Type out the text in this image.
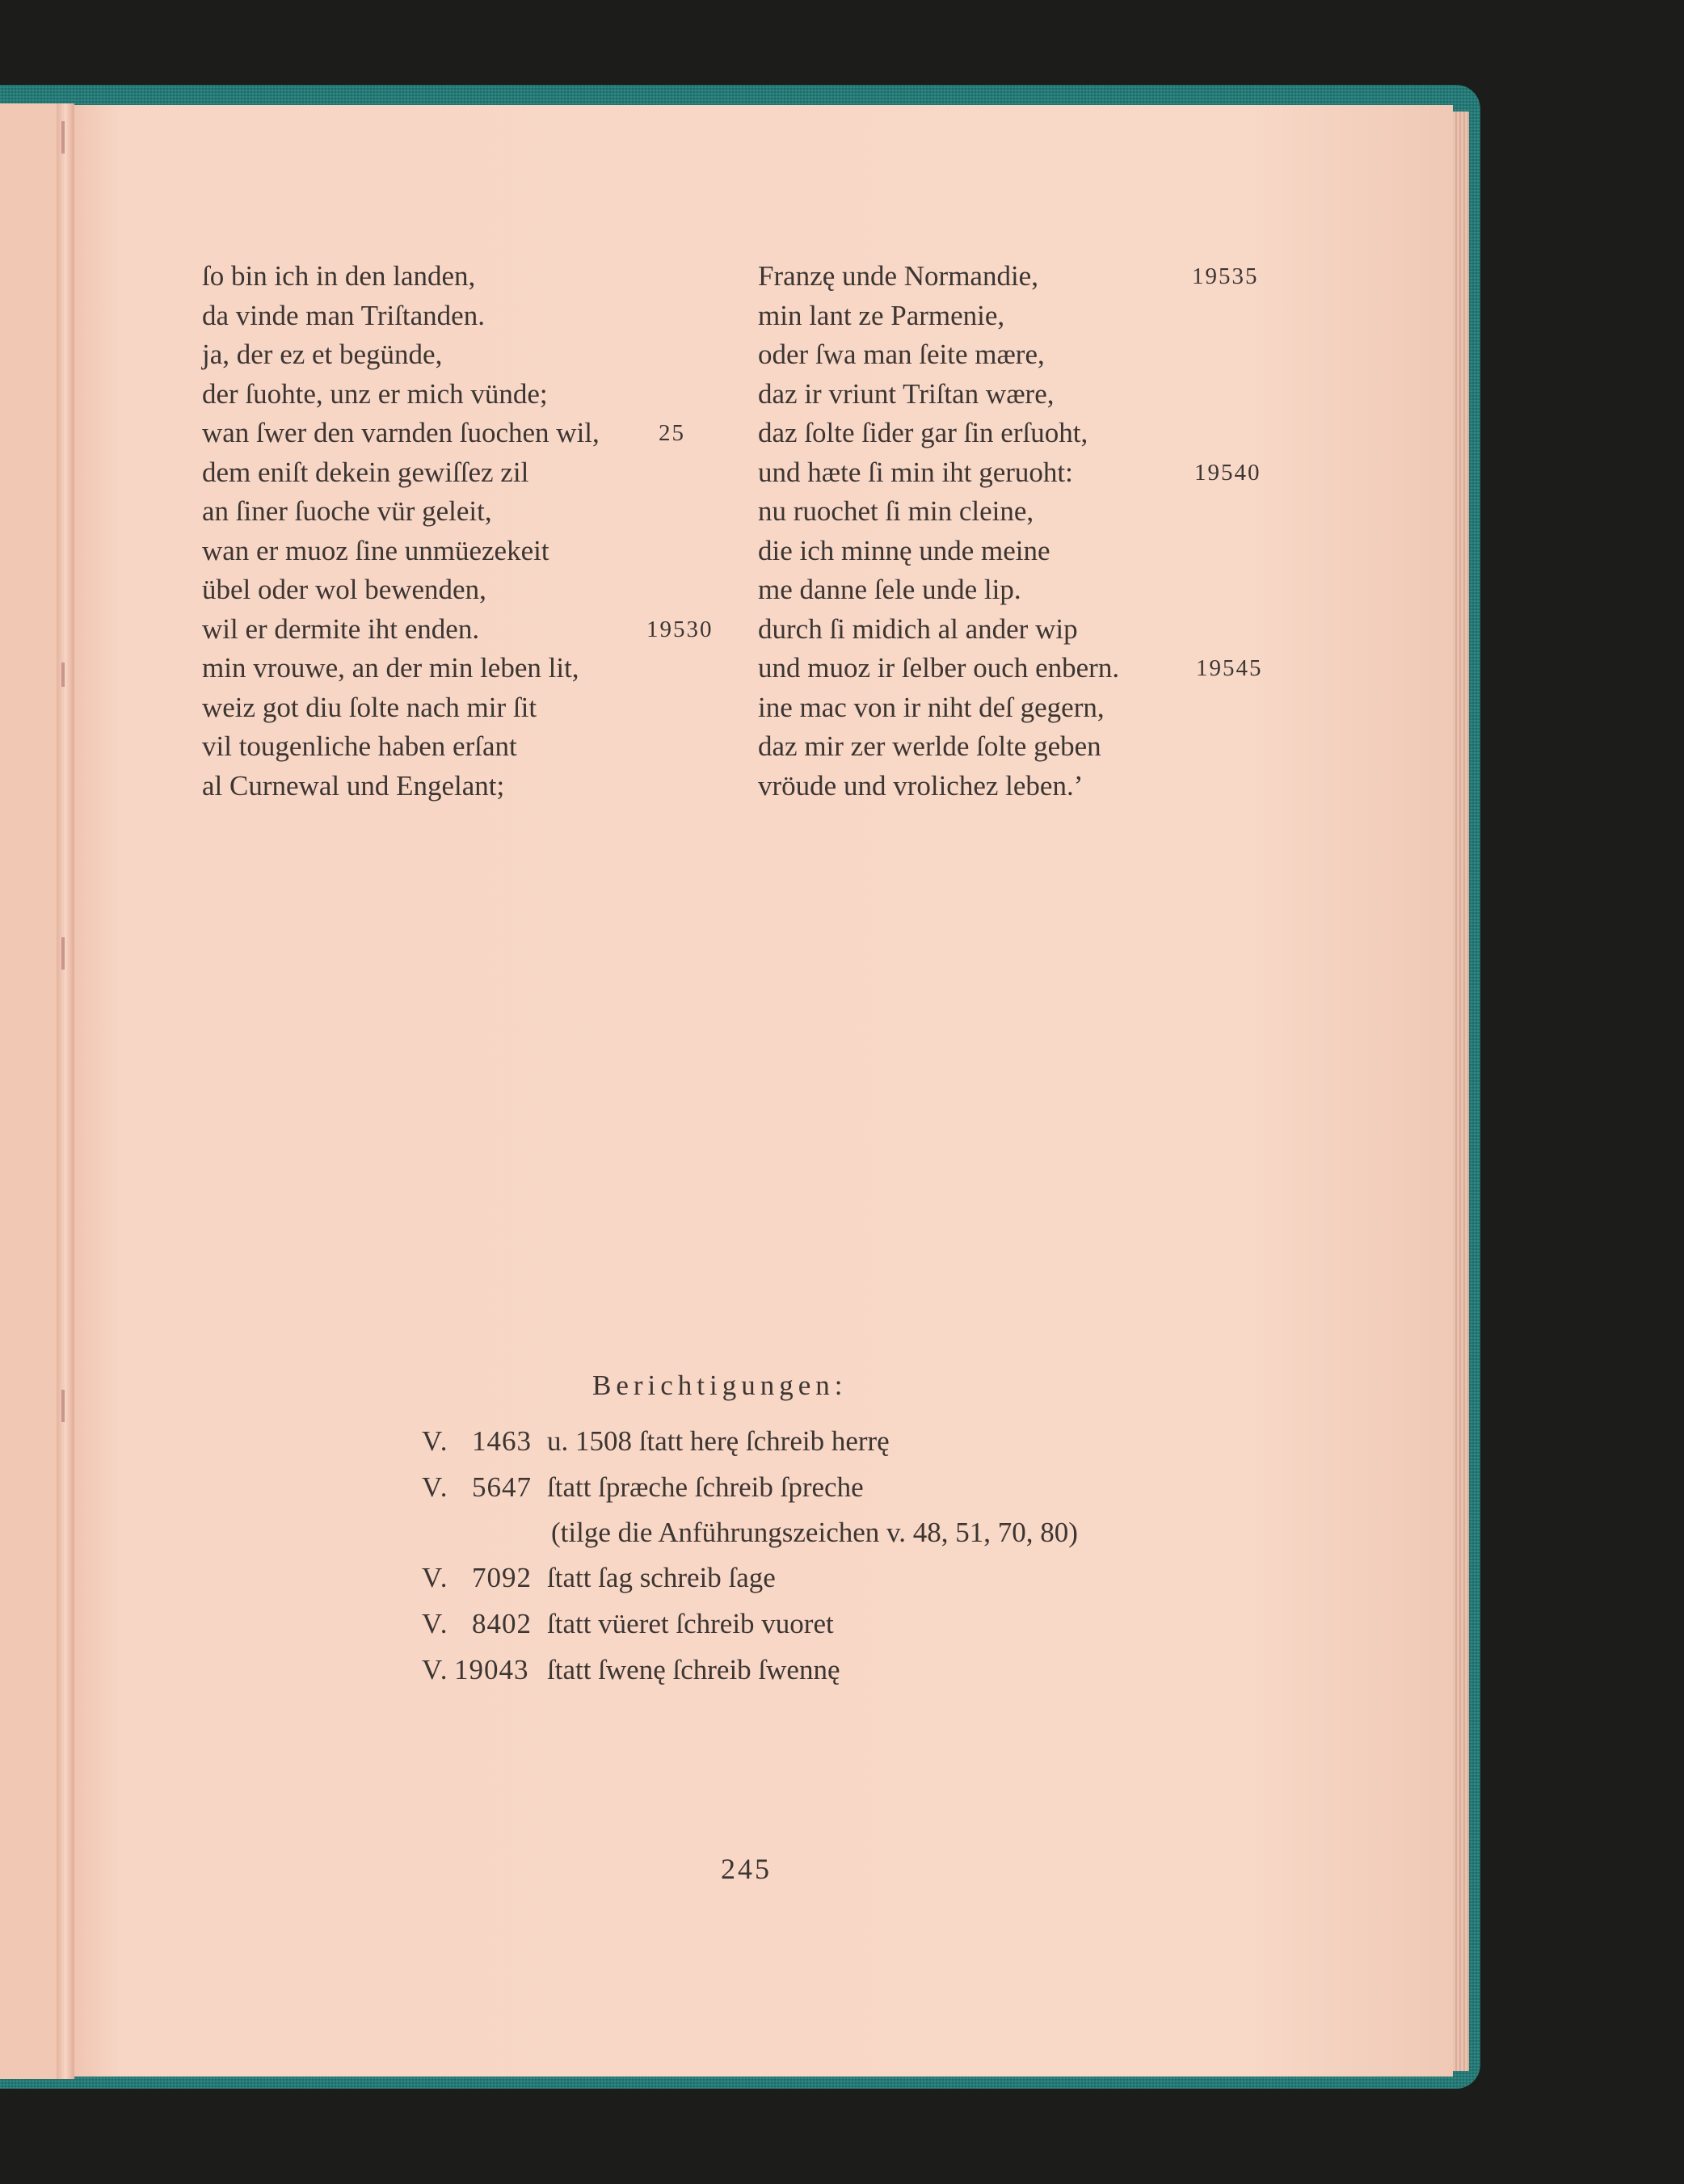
ſo bin ich in den landen,
da vinde man Triſtanden.
ja, der ez et begünde,
der ſuohte, unz er mich vünde;
wan ſwer den varnden ſuochen wil,	25
dem eniſt dekein gewiſſez zil
an ſiner ſuoche vür geleit,
wan er muoz ſine unmüezekeit
übel oder wol bewenden,
wil er dermite iht enden.	19530
min vrouwe, an der min leben lit,
weiz got diu ſolte nach mir ſit
vil tougenliche haben erſant
al Curnewal und Engelant;
Franzę unde Normandie,	19535
min lant ze Parmenie,
oder ſwa man ſeite mære,
daz ir vriunt Triſtan wære,
daz ſolte ſider gar ſin erſuoht,
und hæte ſi min iht geruoht:	19540
nu ruochet ſi min cleine,
die ich minnę unde meine
me danne ſele unde lip.
durch ſi midich al ander wip
und muoz ir ſelber ouch enbern.	19545
ine mac von ir niht deſ gegern,
daz mir zer werlde ſolte geben
vröude und vrolichez leben.’
Berichtigungen:
V. 1463 u. 1508 ſtatt herę ſchreib herrę
V. 5647 ſtatt ſpræche ſchreib ſpreche
(tilge die Anführungszeichen v. 48, 51, 70, 80)
V. 7092 ſtatt ſag schreib ſage
V. 8402 ſtatt vüeret ſchreib vuoret
V. 19043 ſtatt ſwenę ſchreib ſwennę
245
